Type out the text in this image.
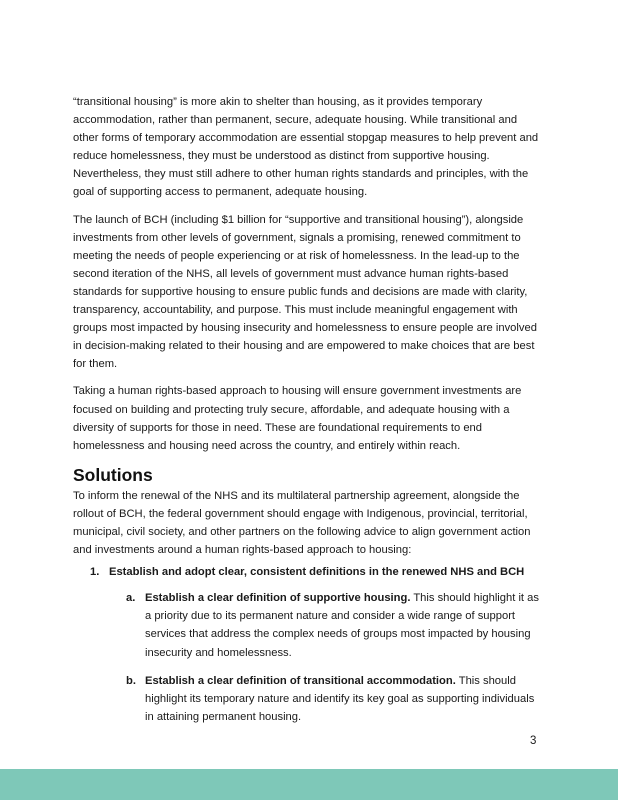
“transitional housing” is more akin to shelter than housing, as it provides temporary accommodation, rather than permanent, secure, adequate housing. While transitional and other forms of temporary accommodation are essential stopgap measures to help prevent and reduce homelessness, they must be understood as distinct from supportive housing. Nevertheless, they must still adhere to other human rights standards and principles, with the goal of supporting access to permanent, adequate housing.

The launch of BCH (including $1 billion for “supportive and transitional housing”), alongside investments from other levels of government, signals a promising, renewed commitment to meeting the needs of people experiencing or at risk of homelessness. In the lead-up to the second iteration of the NHS, all levels of government must advance human rights-based standards for supportive housing to ensure public funds and decisions are made with clarity, transparency, accountability, and purpose. This must include meaningful engagement with groups most impacted by housing insecurity and homelessness to ensure people are involved in decision-making related to their housing and are empowered to make choices that are best for them.

Taking a human rights-based approach to housing will ensure government investments are focused on building and protecting truly secure, affordable, and adequate housing with a diversity of supports for those in need. These are foundational requirements to end homelessness and housing need across the country, and entirely within reach.

Solutions

To inform the renewal of the NHS and its multilateral partnership agreement, alongside the rollout of BCH, the federal government should engage with Indigenous, provincial, territorial, municipal, civil society, and other partners on the following advice to align government action and investments around a human rights-based approach to housing:

1. Establish and adopt clear, consistent definitions in the renewed NHS and BCH
a. Establish a clear definition of supportive housing. This should highlight it as a priority due to its permanent nature and consider a wide range of support services that address the complex needs of groups most impacted by housing insecurity and homelessness.
b. Establish a clear definition of transitional accommodation. This should highlight its temporary nature and identify its key goal as supporting individuals in attaining permanent housing.
3
